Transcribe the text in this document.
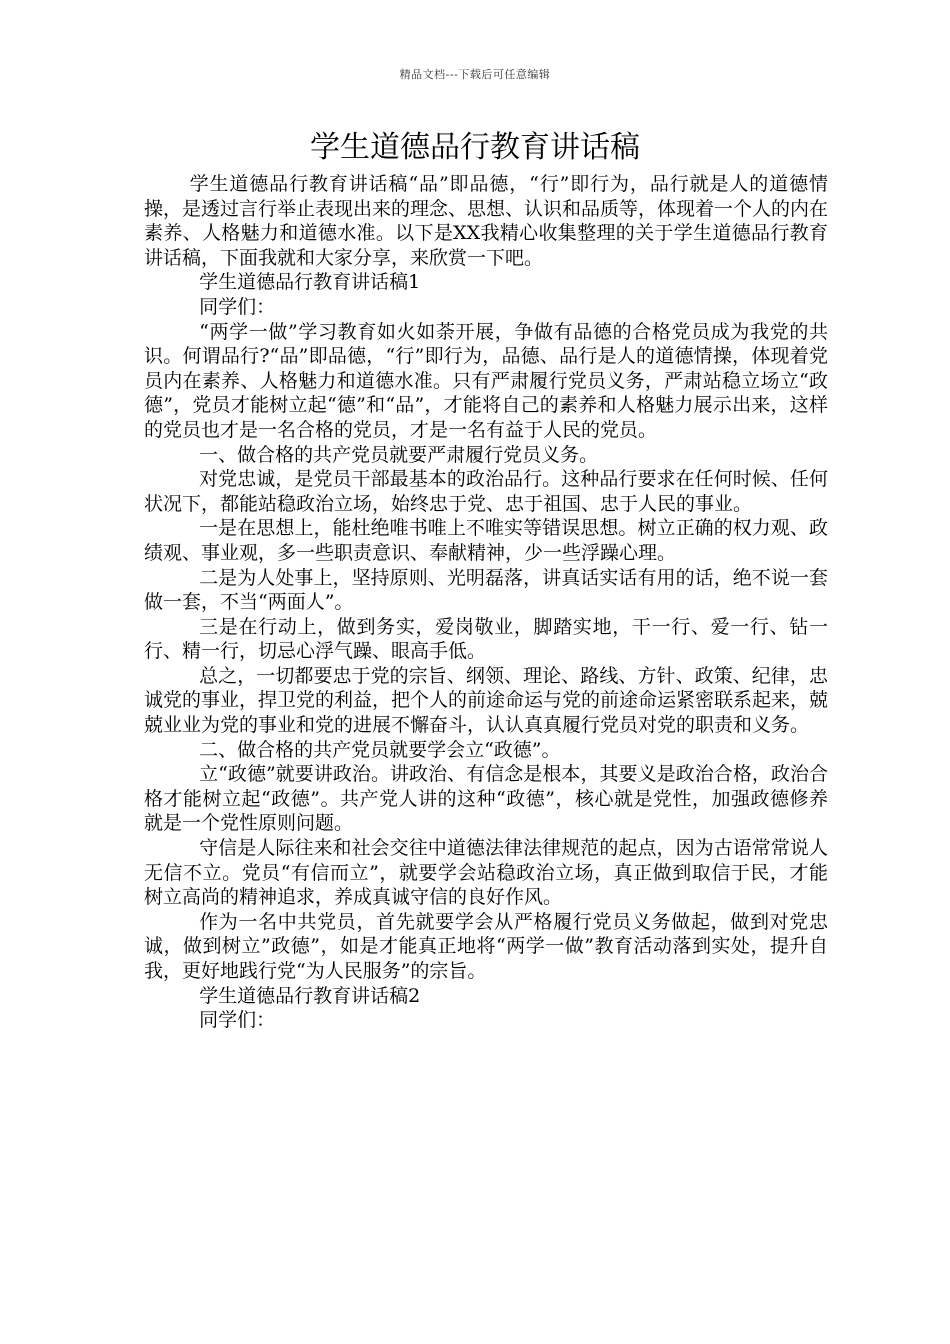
精品文档---下载后可任意编辑
学生道德品行教育讲话稿

学生道德品行教育讲话稿“品”即品德，“行”即行为，品行就是人的道德情操，是透过言行举止表现出来的理念、思想、认识和品质等，体现着一个人的内在素养、人格魅力和道德水准。以下是XX我精心收集整理的关于学生道德品行教育讲话稿，下面我就和大家分享，来欣赏一下吧。

学生道德品行教育讲话稿1

同学们：

“两学一做”学习教育如火如荼开展，争做有品德的合格党员成为我党的共识。何谓品行?“品”即品德，“行”即行为，品德、品行是人的道德情操，体现着党员内在素养、人格魅力和道德水准。只有严肃履行党员义务，严肃站稳立场立“政德”，党员才能树立起“德”和“品”，才能将自己的素养和人格魅力展示出来，这样的党员也才是一名合格的党员，才是一名有益于人民的党员。

一、做合格的共产党员就要严肃履行党员义务。

对党忠诚，是党员干部最基本的政治品行。这种品行要求在任何时候、任何状况下，都能站稳政治立场，始终忠于党、忠于祖国、忠于人民的事业。

一是在思想上，能杜绝唯书唯上不唯实等错误思想。树立正确的权力观、政绩观、事业观，多一些职责意识、奉献精神，少一些浮躁心理。

二是为人处事上，坚持原则、光明磊落，讲真话实话有用的话，绝不说一套做一套，不当“两面人”。

三是在行动上，做到务实，爱岗敬业，脚踏实地，干一行、爱一行、钻一行、精一行，切忌心浮气躁、眼高手低。

总之，一切都要忠于党的宗旨、纲领、理论、路线、方针、政策、纪律，忠诚党的事业，捍卫党的利益，把个人的前途命运与党的前途命运紧密联系起来，兢兢业业为党的事业和党的进展不懈奋斗，认认真真履行党员对党的职责和义务。

二、做合格的共产党员就要学会立“政德”。

立“政德”就要讲政治。讲政治、有信念是根本，其要义是政治合格，政治合格才能树立起“政德”。共产党人讲的这种“政德”，核心就是党性，加强政德修养就是一个党性原则问题。

守信是人际往来和社会交往中道德法律法律规范的起点，因为古语常常说人无信不立。党员“有信而立”，就要学会站稳政治立场，真正做到取信于民，才能树立高尚的精神追求，养成真诚守信的良好作风。

作为一名中共党员，首先就要学会从严格履行党员义务做起，做到对党忠诚，做到树立”政德”，如是才能真正地将“两学一做”教育活动落到实处，提升自我，更好地践行党“为人民服务”的宗旨。

学生道德品行教育讲话稿2

同学们：
